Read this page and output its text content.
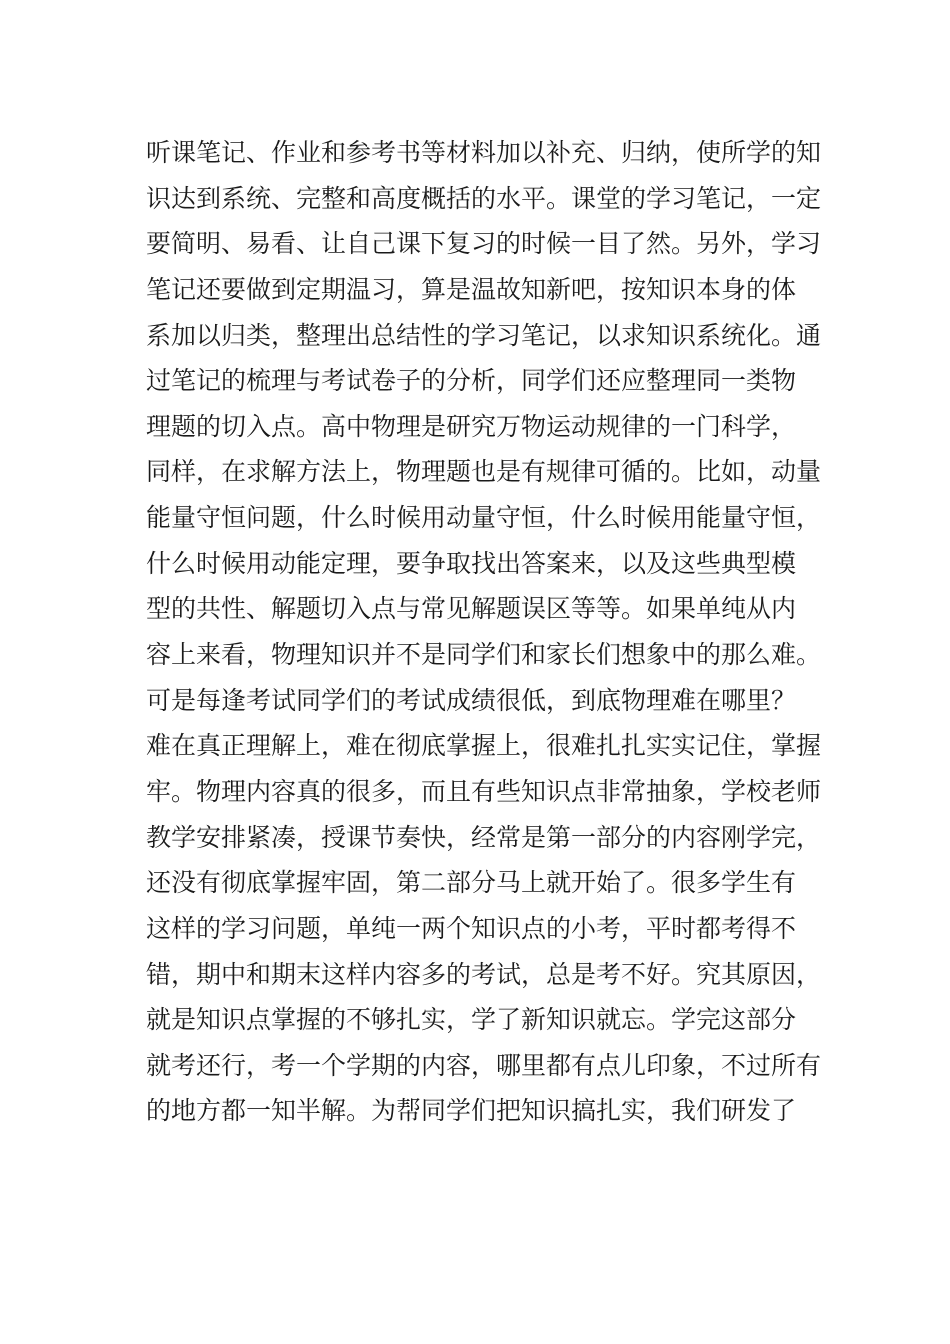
听课笔记、作业和参考书等材料加以补充、归纳，使所学的知
识达到系统、完整和高度概括的水平。课堂的学习笔记，一定
要简明、易看、让自己课下复习的时候一目了然。另外，学习
笔记还要做到定期温习，算是温故知新吧，按知识本身的体
系加以归类，整理出总结性的学习笔记，以求知识系统化。通
过笔记的梳理与考试卷子的分析，同学们还应整理同一类物
理题的切入点。高中物理是研究万物运动规律的一门科学，
同样，在求解方法上，物理题也是有规律可循的。比如，动量
能量守恒问题，什么时候用动量守恒，什么时候用能量守恒，
什么时候用动能定理，要争取找出答案来，以及这些典型模
型的共性、解题切入点与常见解题误区等等。如果单纯从内
容上来看，物理知识并不是同学们和家长们想象中的那么难。
可是每逢考试同学们的考试成绩很低，到底物理难在哪里？
难在真正理解上，难在彻底掌握上，很难扎扎实实记住，掌握
牢。物理内容真的很多，而且有些知识点非常抽象，学校老师
教学安排紧凑，授课节奏快，经常是第一部分的内容刚学完，
还没有彻底掌握牢固，第二部分马上就开始了。很多学生有
这样的学习问题，单纯一两个知识点的小考，平时都考得不
错，期中和期末这样内容多的考试，总是考不好。究其原因，
就是知识点掌握的不够扎实，学了新知识就忘。学完这部分
就考还行，考一个学期的内容，哪里都有点儿印象，不过所有
的地方都一知半解。为帮同学们把知识搞扎实，我们研发了
